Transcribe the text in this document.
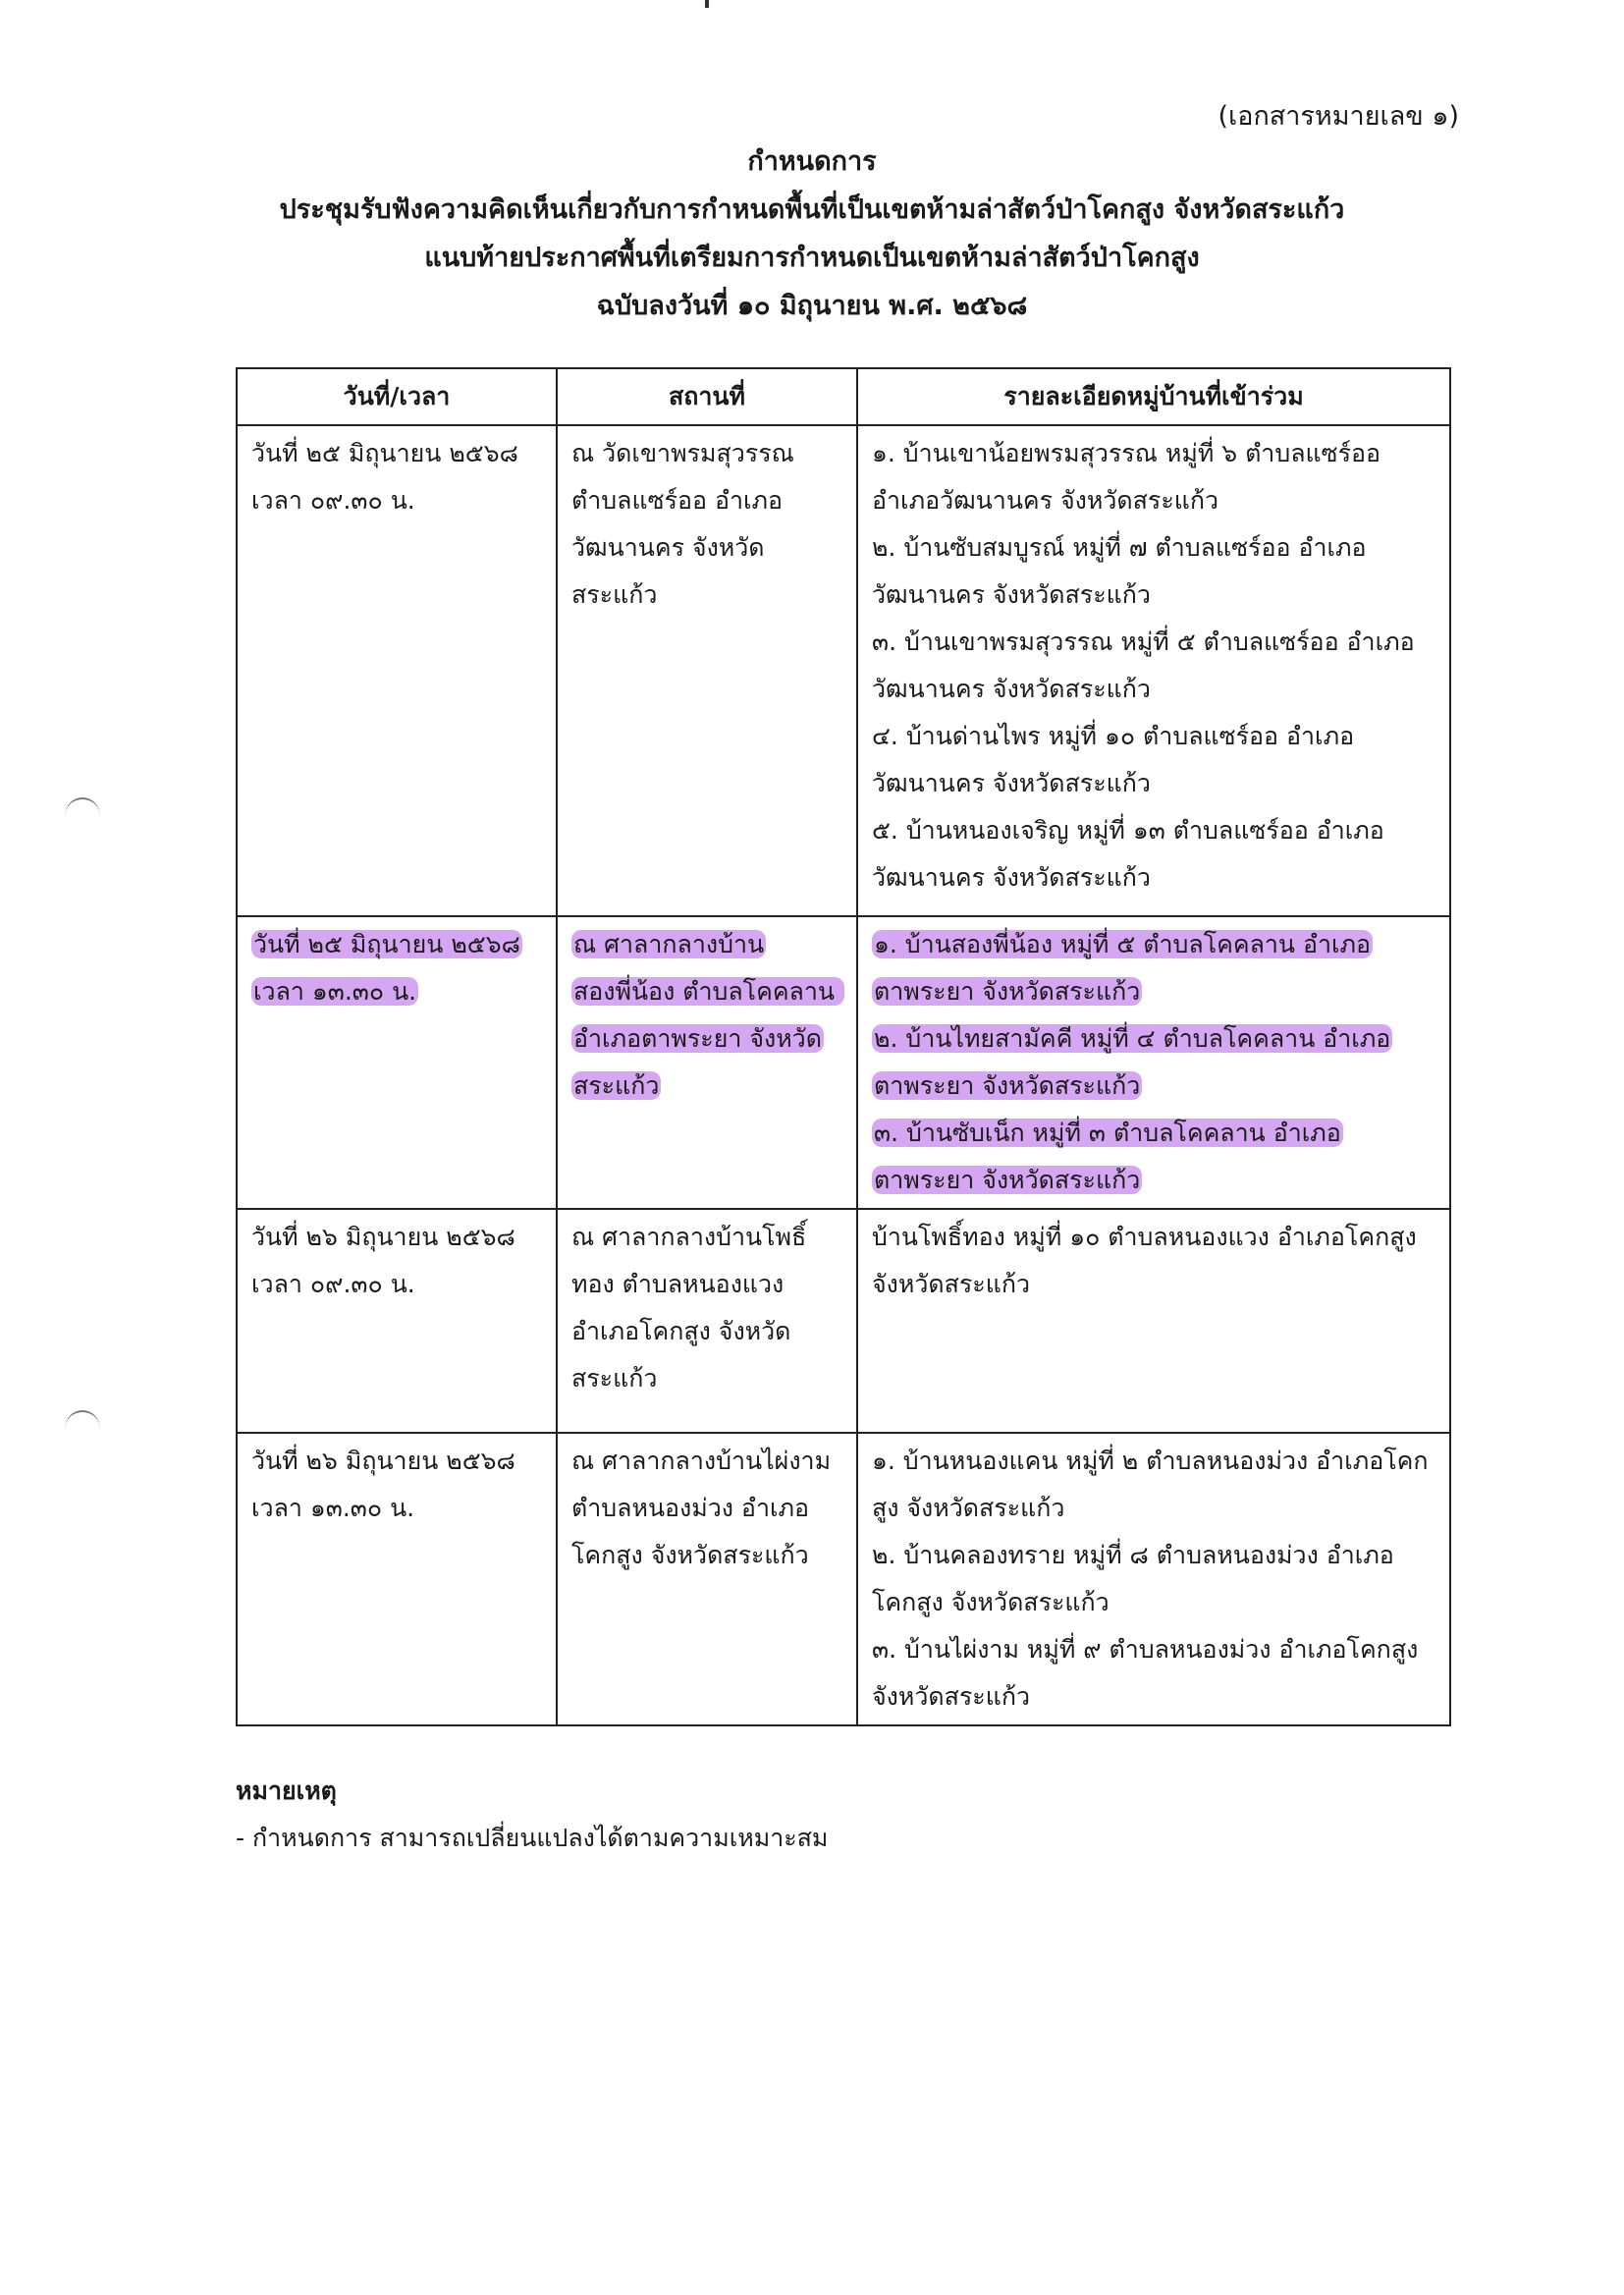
(เอกสารหมายเลข ๑)
กำหนดการ
ประชุมรับฟังความคิดเห็นเกี่ยวกับการกำหนดพื้นที่เป็นเขตห้ามล่าสัตว์ป่าโคกสูง จังหวัดสระแก้ว
แนบท้ายประกาศพื้นที่เตรียมการกำหนดเป็นเขตห้ามล่าสัตว์ป่าโคกสูง
ฉบับลงวันที่ ๑๐ มิถุนายน พ.ศ. ๒๕๖๘
วันที่/เวลา	สถานที่	รายละเอียดหมู่บ้านที่เข้าร่วม

วันที่ ๒๕ มิถุนายน ๒๕๖๘
เวลา ๐๙.๓๐ น.	ณ วัดเขาพรมสุวรรณ ตำบลแซร์ออ อำเภอวัฒนานคร จังหวัดสระแก้ว	๑. บ้านเขาน้อยพรมสุวรรณ หมู่ที่ ๖ ตำบลแซร์ออ อำเภอวัฒนานคร จังหวัดสระแก้ว
๒. บ้านซับสมบูรณ์ หมู่ที่ ๗ ตำบลแซร์ออ อำเภอวัฒนานคร จังหวัดสระแก้ว
๓. บ้านเขาพรมสุวรรณ หมู่ที่ ๕ ตำบลแซร์ออ อำเภอวัฒนานคร จังหวัดสระแก้ว
๔. บ้านด่านไพร หมู่ที่ ๑๐ ตำบลแซร์ออ อำเภอวัฒนานคร จังหวัดสระแก้ว
๕. บ้านหนองเจริญ หมู่ที่ ๑๓ ตำบลแซร์ออ อำเภอวัฒนานคร จังหวัดสระแก้ว

วันที่ ๒๕ มิถุนายน ๒๕๖๘
เวลา ๑๓.๓๐ น.	ณ ศาลากลางบ้านสองพี่น้อง ตำบลโคคลาน อำเภอตาพระยา จังหวัดสระแก้ว	๑. บ้านสองพี่น้อง หมู่ที่ ๕ ตำบลโคคลาน อำเภอตาพระยา จังหวัดสระแก้ว
๒. บ้านไทยสามัคคี หมู่ที่ ๔ ตำบลโคคลาน อำเภอตาพระยา จังหวัดสระแก้ว
๓. บ้านซับเน็ก หมู่ที่ ๓ ตำบลโคคลาน อำเภอตาพระยา จังหวัดสระแก้ว

วันที่ ๒๖ มิถุนายน ๒๕๖๘
เวลา ๐๙.๓๐ น.	ณ ศาลากลางบ้านโพธิ์ทอง ตำบลหนองแวง อำเภอโคกสูง จังหวัดสระแก้ว	บ้านโพธิ์ทอง หมู่ที่ ๑๐ ตำบลหนองแวง อำเภอโคกสูง จังหวัดสระแก้ว

วันที่ ๒๖ มิถุนายน ๒๕๖๘
เวลา ๑๓.๓๐ น.	ณ ศาลากลางบ้านไผ่งาม ตำบลหนองม่วง อำเภอโคกสูง จังหวัดสระแก้ว	๑. บ้านหนองแคน หมู่ที่ ๒ ตำบลหนองม่วง อำเภอโคกสูง จังหวัดสระแก้ว
๒. บ้านคลองทราย หมู่ที่ ๘ ตำบลหนองม่วง อำเภอโคกสูง จังหวัดสระแก้ว
๓. บ้านไผ่งาม หมู่ที่ ๙ ตำบลหนองม่วง อำเภอโคกสูง จังหวัดสระแก้ว
หมายเหตุ
- กำหนดการ สามารถเปลี่ยนแปลงได้ตามความเหมาะสม
